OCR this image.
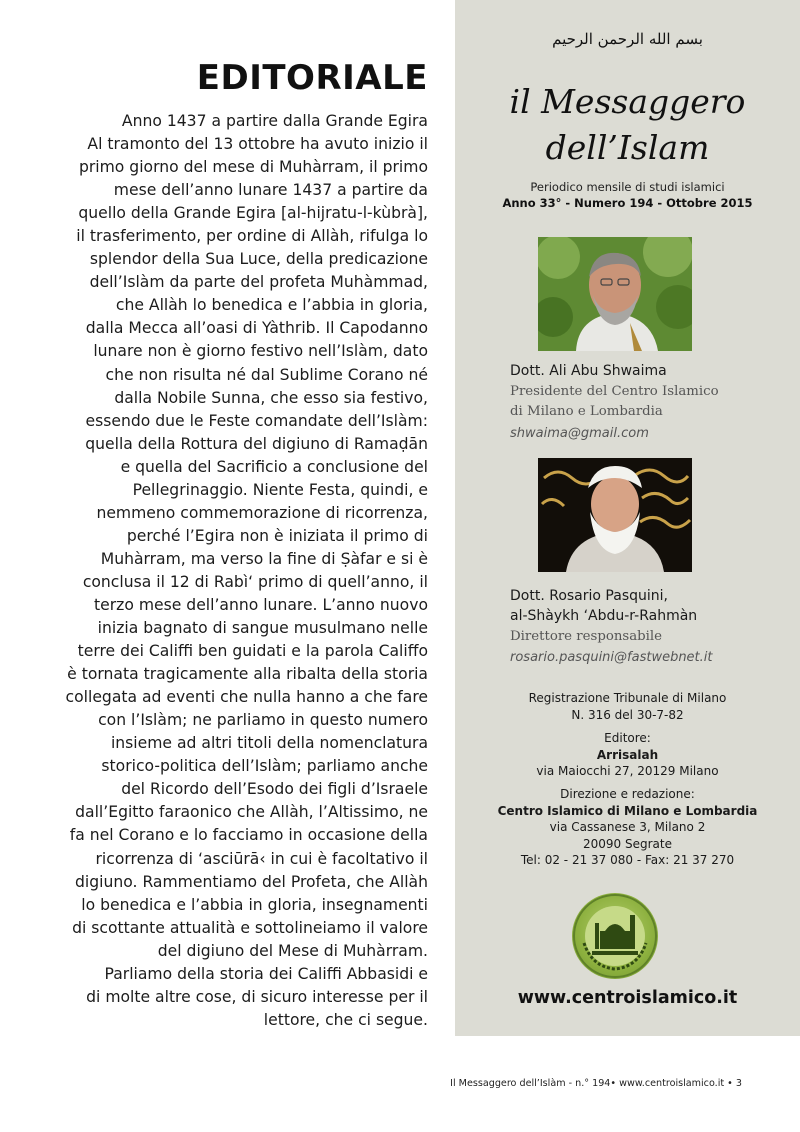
EDITORIALE
Anno 1437 a partire dalla Grande Egira
Al tramonto del 13 ottobre ha avuto inizio il
primo giorno del mese di Muhàrram, il primo
mese dell’anno lunare 1437 a partire da
quello della Grande Egira [al-hijratu-l-kùbrà],
il trasferimento, per ordine di Allàh, rifulga lo
splendor della Sua Luce, della predicazione
dell’Islàm da parte del profeta Muhàmmad,
che Allàh lo benedica e l’abbia in gloria,
dalla Mecca all’oasi di Yàthrib. Il Capodanno
lunare non è giorno festivo nell’Islàm, dato
che non risulta né dal Sublime Corano né
dalla Nobile Sunna, che esso sia festivo,
essendo due le Feste comandate dell’Islàm:
quella della Rottura del digiuno di Ramaḍān
e quella del Sacrificio a conclusione del
Pellegrinaggio. Niente Festa, quindi, e
nemmeno commemorazione di ricorrenza,
perché l’Egira non è iniziata il primo di
Muhàrram, ma verso la fine di Ṣàfar e si è
conclusa il 12 di Rabì‘ primo di quell’anno, il
terzo mese dell’anno lunare. L’anno nuovo
inizia bagnato di sangue musulmano nelle
terre dei Califfi ben guidati e la parola Califfo
è tornata tragicamente alla ribalta della storia
collegata ad eventi che nulla hanno a che fare
con l’Islàm; ne parliamo in questo numero
insieme ad altri titoli della nomenclatura
storico-politica dell’Islàm; parliamo anche
del Ricordo dell’Esodo dei figli d’Israele
dall’Egitto faraonico che Allàh, l’Altissimo, ne
fa nel Corano e lo facciamo in occasione della
ricorrenza di ‘asciūrā‹ in cui è facoltativo il
digiuno. Rammentiamo del Profeta, che Allàh
lo benedica e l’abbia in gloria, insegnamenti
di scottante attualità e sottolineiamo il valore
del digiuno del Mese di Muhàrram.
Parliamo della storia dei Califfi Abbasidi e
di molte altre cose, di sicuro interesse per il
lettore, che ci segue.
بسم الله الرحمن الرحيم
il Messaggero
dell’Islam
Periodico mensile di studi islamici
Anno 33° - Numero 194 - Ottobre 2015
Dott. Ali Abu Shwaima
Presidente del Centro Islamico
di Milano e Lombardia
shwaima@gmail.com
Dott. Rosario Pasquini,
al-Shàykh ‘Abdu-r-Rahmàn
Direttore responsabile
rosario.pasquini@fastwebnet.it
Registrazione Tribunale di Milano
N. 316 del 30-7-82
Editore:
Arrisalah
via Maiocchi 27, 20129 Milano
Direzione e redazione:
Centro Islamico di Milano e Lombardia
via Cassanese 3, Milano 2
20090 Segrate
Tel: 02 - 21 37 080 - Fax: 21 37 270
www.centroislamico.it
Il Messaggero dell’Islàm - n.° 194• www.centroislamico.it • 3
